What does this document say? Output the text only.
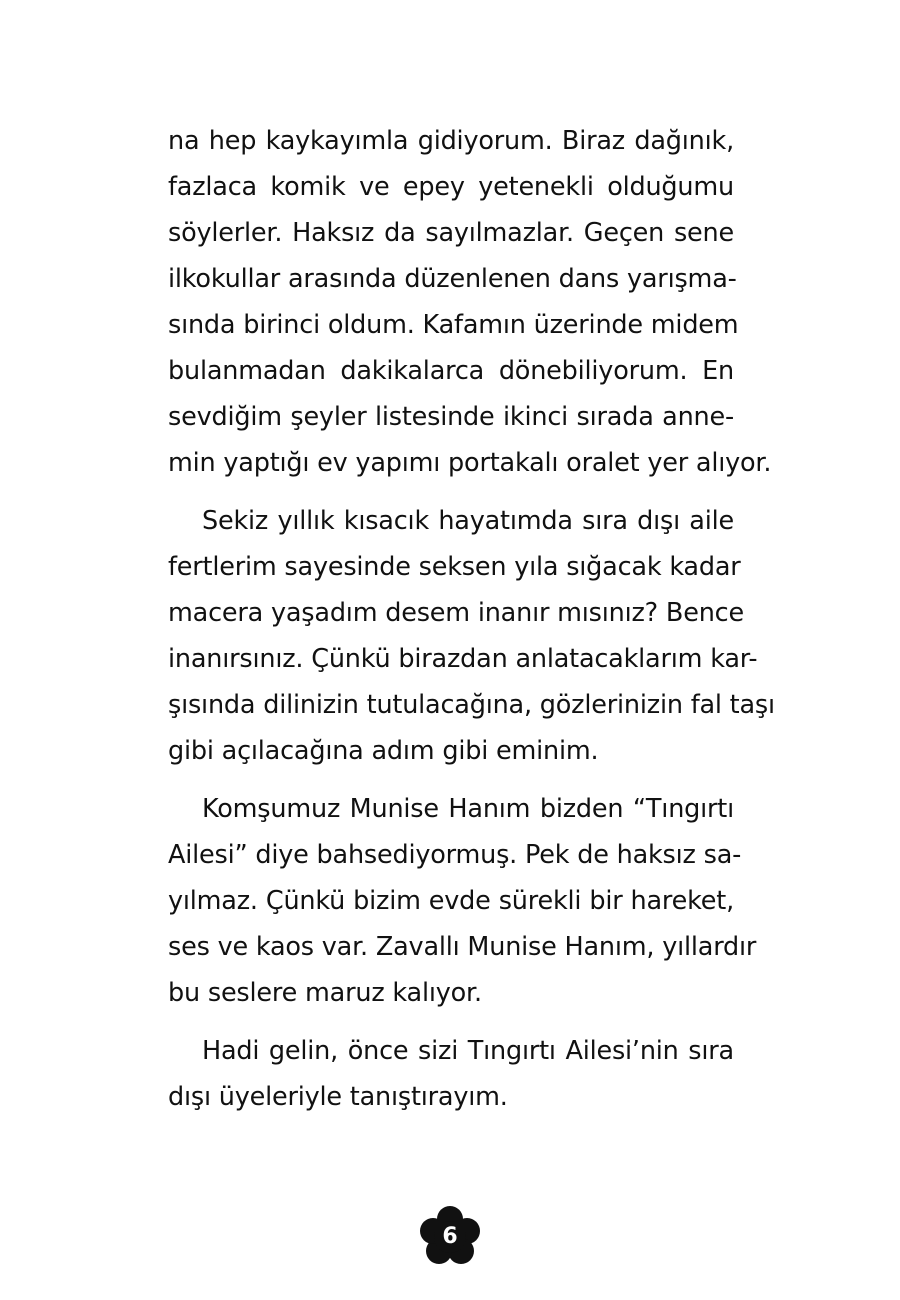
na hep kaykayımla gidiyorum. Biraz dağınık,
fazlaca komik ve epey yetenekli olduğumu
söylerler. Haksız da sayılmazlar. Geçen sene
ilkokullar arasında düzenlenen dans yarışma-
sında birinci oldum. Kafamın üzerinde midem
bulanmadan dakikalarca dönebiliyorum. En
sevdiğim şeyler listesinde ikinci sırada anne-
min yaptığı ev yapımı portakalı oralet yer alıyor.
Sekiz yıllık kısacık hayatımda sıra dışı aile
fertlerim sayesinde seksen yıla sığacak kadar
macera yaşadım desem inanır mısınız? Bence
inanırsınız. Çünkü birazdan anlatacaklarım kar-
şısında dilinizin tutulacağına, gözlerinizin fal taşı
gibi açılacağına adım gibi eminim.
Komşumuz Munise Hanım bizden “Tıngırtı
Ailesi” diye bahsediyormuş. Pek de haksız sa-
yılmaz. Çünkü bizim evde sürekli bir hareket,
ses ve kaos var. Zavallı Munise Hanım, yıllardır
bu seslere maruz kalıyor.
Hadi gelin, önce sizi Tıngırtı Ailesi’nin sıra
dışı üyeleriyle tanıştırayım.
6
